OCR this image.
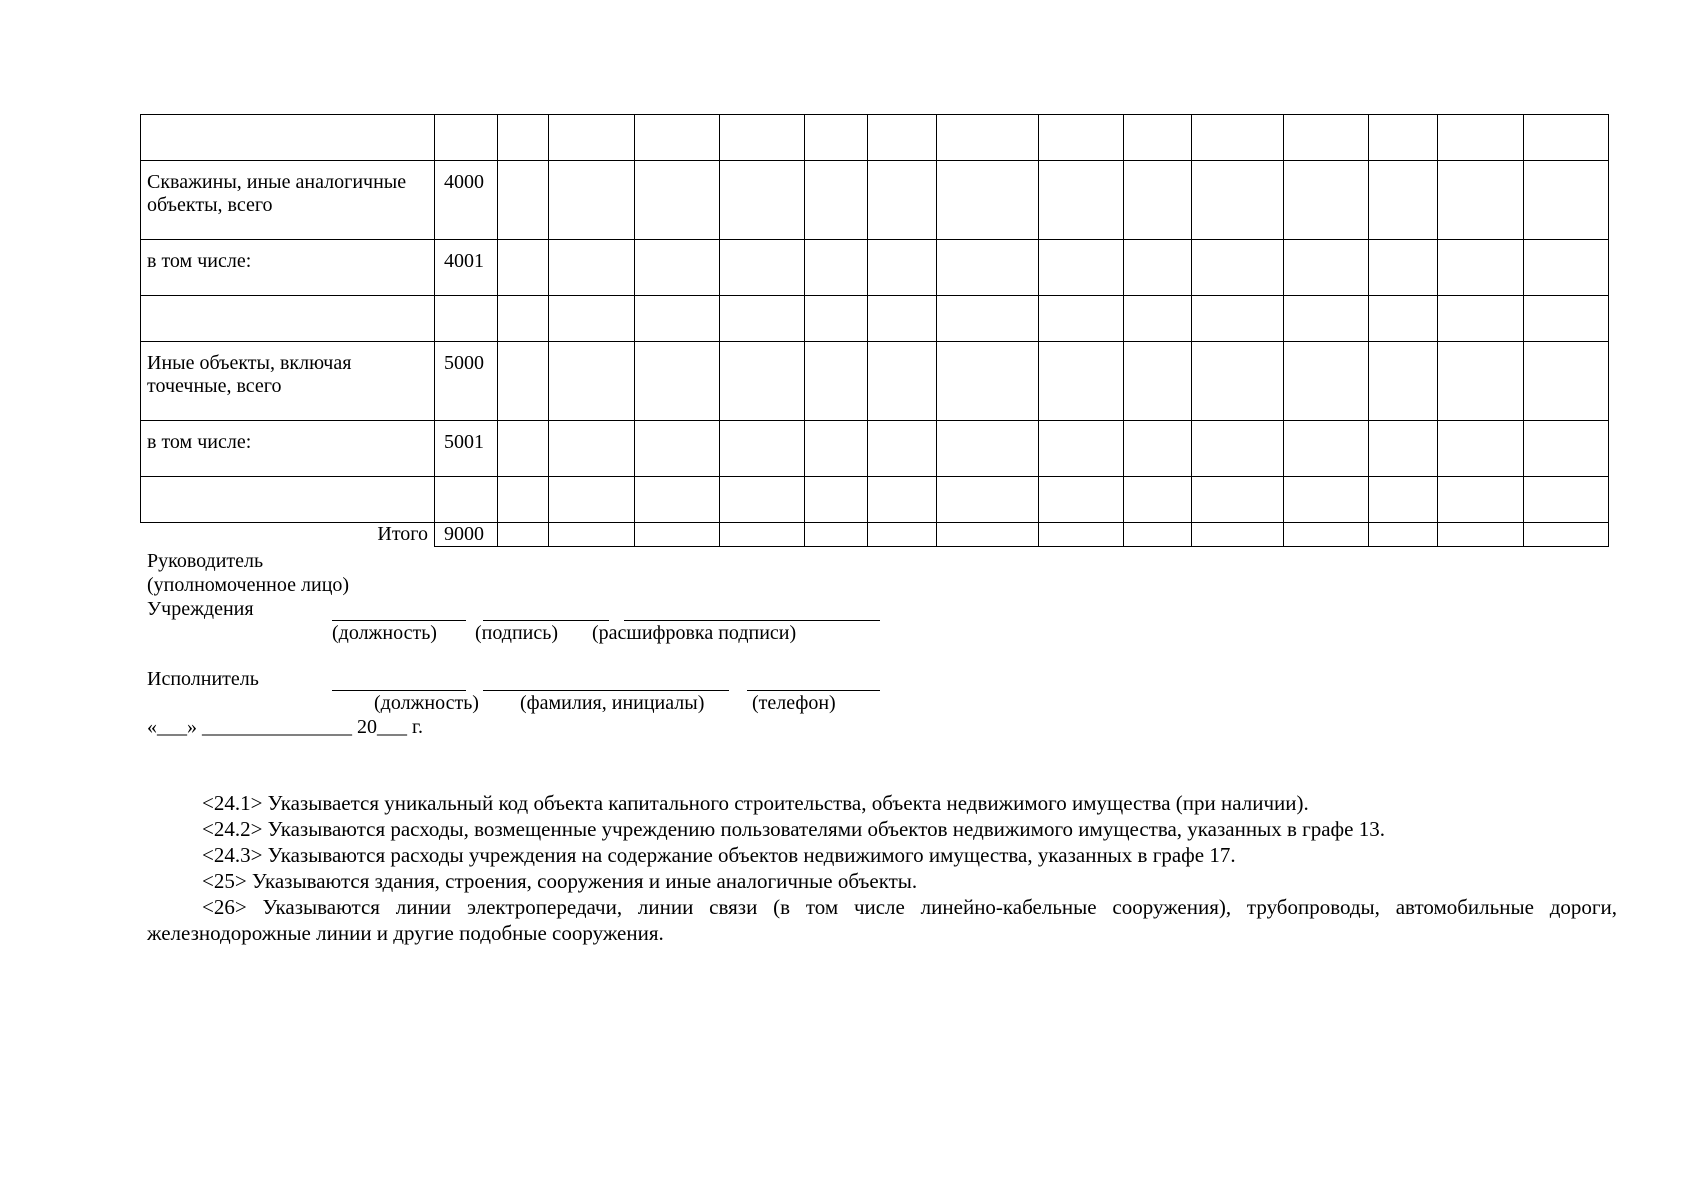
Скважины, иные аналогичные объекты, всего	4000														
в том числе:	4001														

Иные объекты, включая точечные, всего	5000														
в том числе:	5001														

Итого	9000														
Руководитель
(уполномоченное лицо)
Учреждения
(должность) (подпись) (расшифровка подписи)
Исполнитель
(должность) (фамилия, инициалы) (телефон)
«___» _______________ 20___ г.

<24.1> Указывается уникальный код объекта капитального строительства, объекта недвижимого имущества (при наличии).

<24.2> Указываются расходы, возмещенные учреждению пользователями объектов недвижимого имущества, указанных в графе 13.

<24.3> Указываются расходы учреждения на содержание объектов недвижимого имущества, указанных в графе 17.

<25> Указываются здания, строения, сооружения и иные аналогичные объекты.

<26> Указываются линии электропередачи, линии связи (в том числе линейно-кабельные сооружения), трубопроводы, автомобильные дороги, железнодорожные линии и другие подобные сооружения.
